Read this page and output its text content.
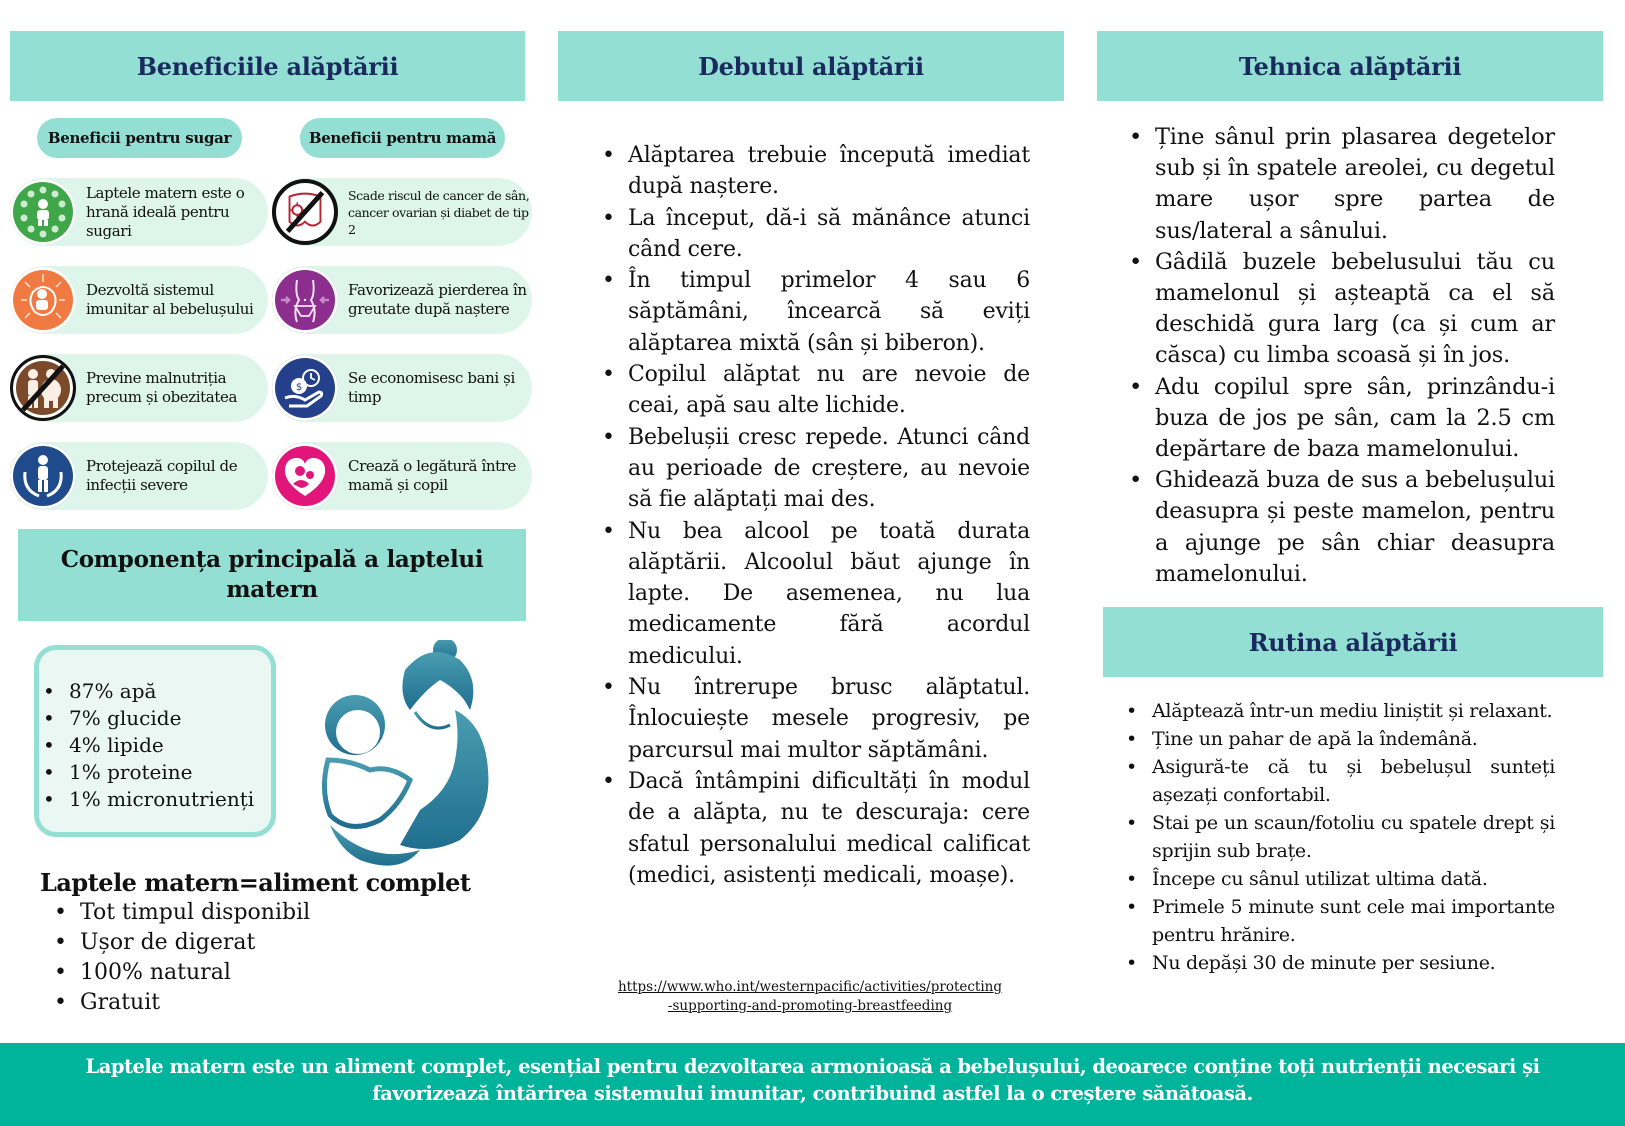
Beneficiile alăptării
Beneficii pentru sugar	Beneficii pentru mamă
Laptele matern este o hrană ideală pentru sugari
Dezvoltă sistemul imunitar al bebelușului
Previne malnutriția precum și obezitatea
Protejează copilul de infecții severe
Scade riscul de cancer de sân, cancer ovarian și diabet de tip 2
Favorizează pierderea în greutate după naștere
$
Se economisesc bani și timp
Crează o legătură între mamă și copil
Componența principală a laptelui matern
• 87% apă
• 7% glucide
• 4% lipide
• 1% proteine
• 1% micronutrienți
Laptele matern=aliment complet
• Tot timpul disponibil
• Ușor de digerat
• 100% natural
• Gratuit
Debutul alăptării
• Alăptarea trebuie începută imediat după naștere.
• La început, dă-i să mănânce atunci când cere.
• În timpul primelor 4 sau 6 săptămâni, încearcă să eviți alăptarea mixtă (sân și biberon).
• Copilul alăptat nu are nevoie de ceai, apă sau alte lichide.
• Bebelușii cresc repede. Atunci când au perioade de creștere, au nevoie să fie alăptați mai des.
• Nu bea alcool pe toată durata alăptării. Alcoolul băut ajunge în lapte. De asemenea, nu lua medicamente fără acordul medicului.
• Nu întrerupe brusc alăptatul. Înlocuiește mesele progresiv, pe parcursul mai multor săptămâni.
• Dacă întâmpini dificultăți în modul de a alăpta, nu te descuraja: cere sfatul personalului medical calificat (medici, asistenți medicali, moașe).
https://www.who.int/westernpacific/activities/protecting
-supporting-and-promoting-breastfeeding
Tehnica alăptării
• Ține sânul prin plasarea degetelor sub și în spatele areolei, cu degetul mare ușor spre partea de sus/lateral a sânului.
• Gâdilă buzele bebelusului tău cu mamelonul și așteaptă ca el să deschidă gura larg (ca și cum ar căsca) cu limba scoasă și în jos.
• Adu copilul spre sân, prinzându-i buza de jos pe sân, cam la 2.5 cm depărtare de baza mamelonului.
• Ghidează buza de sus a bebelușului deasupra și peste mamelon, pentru a ajunge pe sân chiar deasupra mamelonului.
Rutina alăptării
• Alăptează într-un mediu liniștit și relaxant.
• Ține un pahar de apă la îndemână.
• Asigură-te că tu și bebelușul sunteți așezați confortabil.
• Stai pe un scaun/fotoliu cu spatele drept și sprijin sub brațe.
• Începe cu sânul utilizat ultima dată.
• Primele 5 minute sunt cele mai importante pentru hrănire.
• Nu depăși 30 de minute per sesiune.

Laptele matern este un aliment complet, esențial pentru dezvoltarea armonioasă a bebelușului, deoarece conține toți nutrienții necesari și favorizează întărirea sistemului imunitar, contribuind astfel la o creștere sănătoasă.
